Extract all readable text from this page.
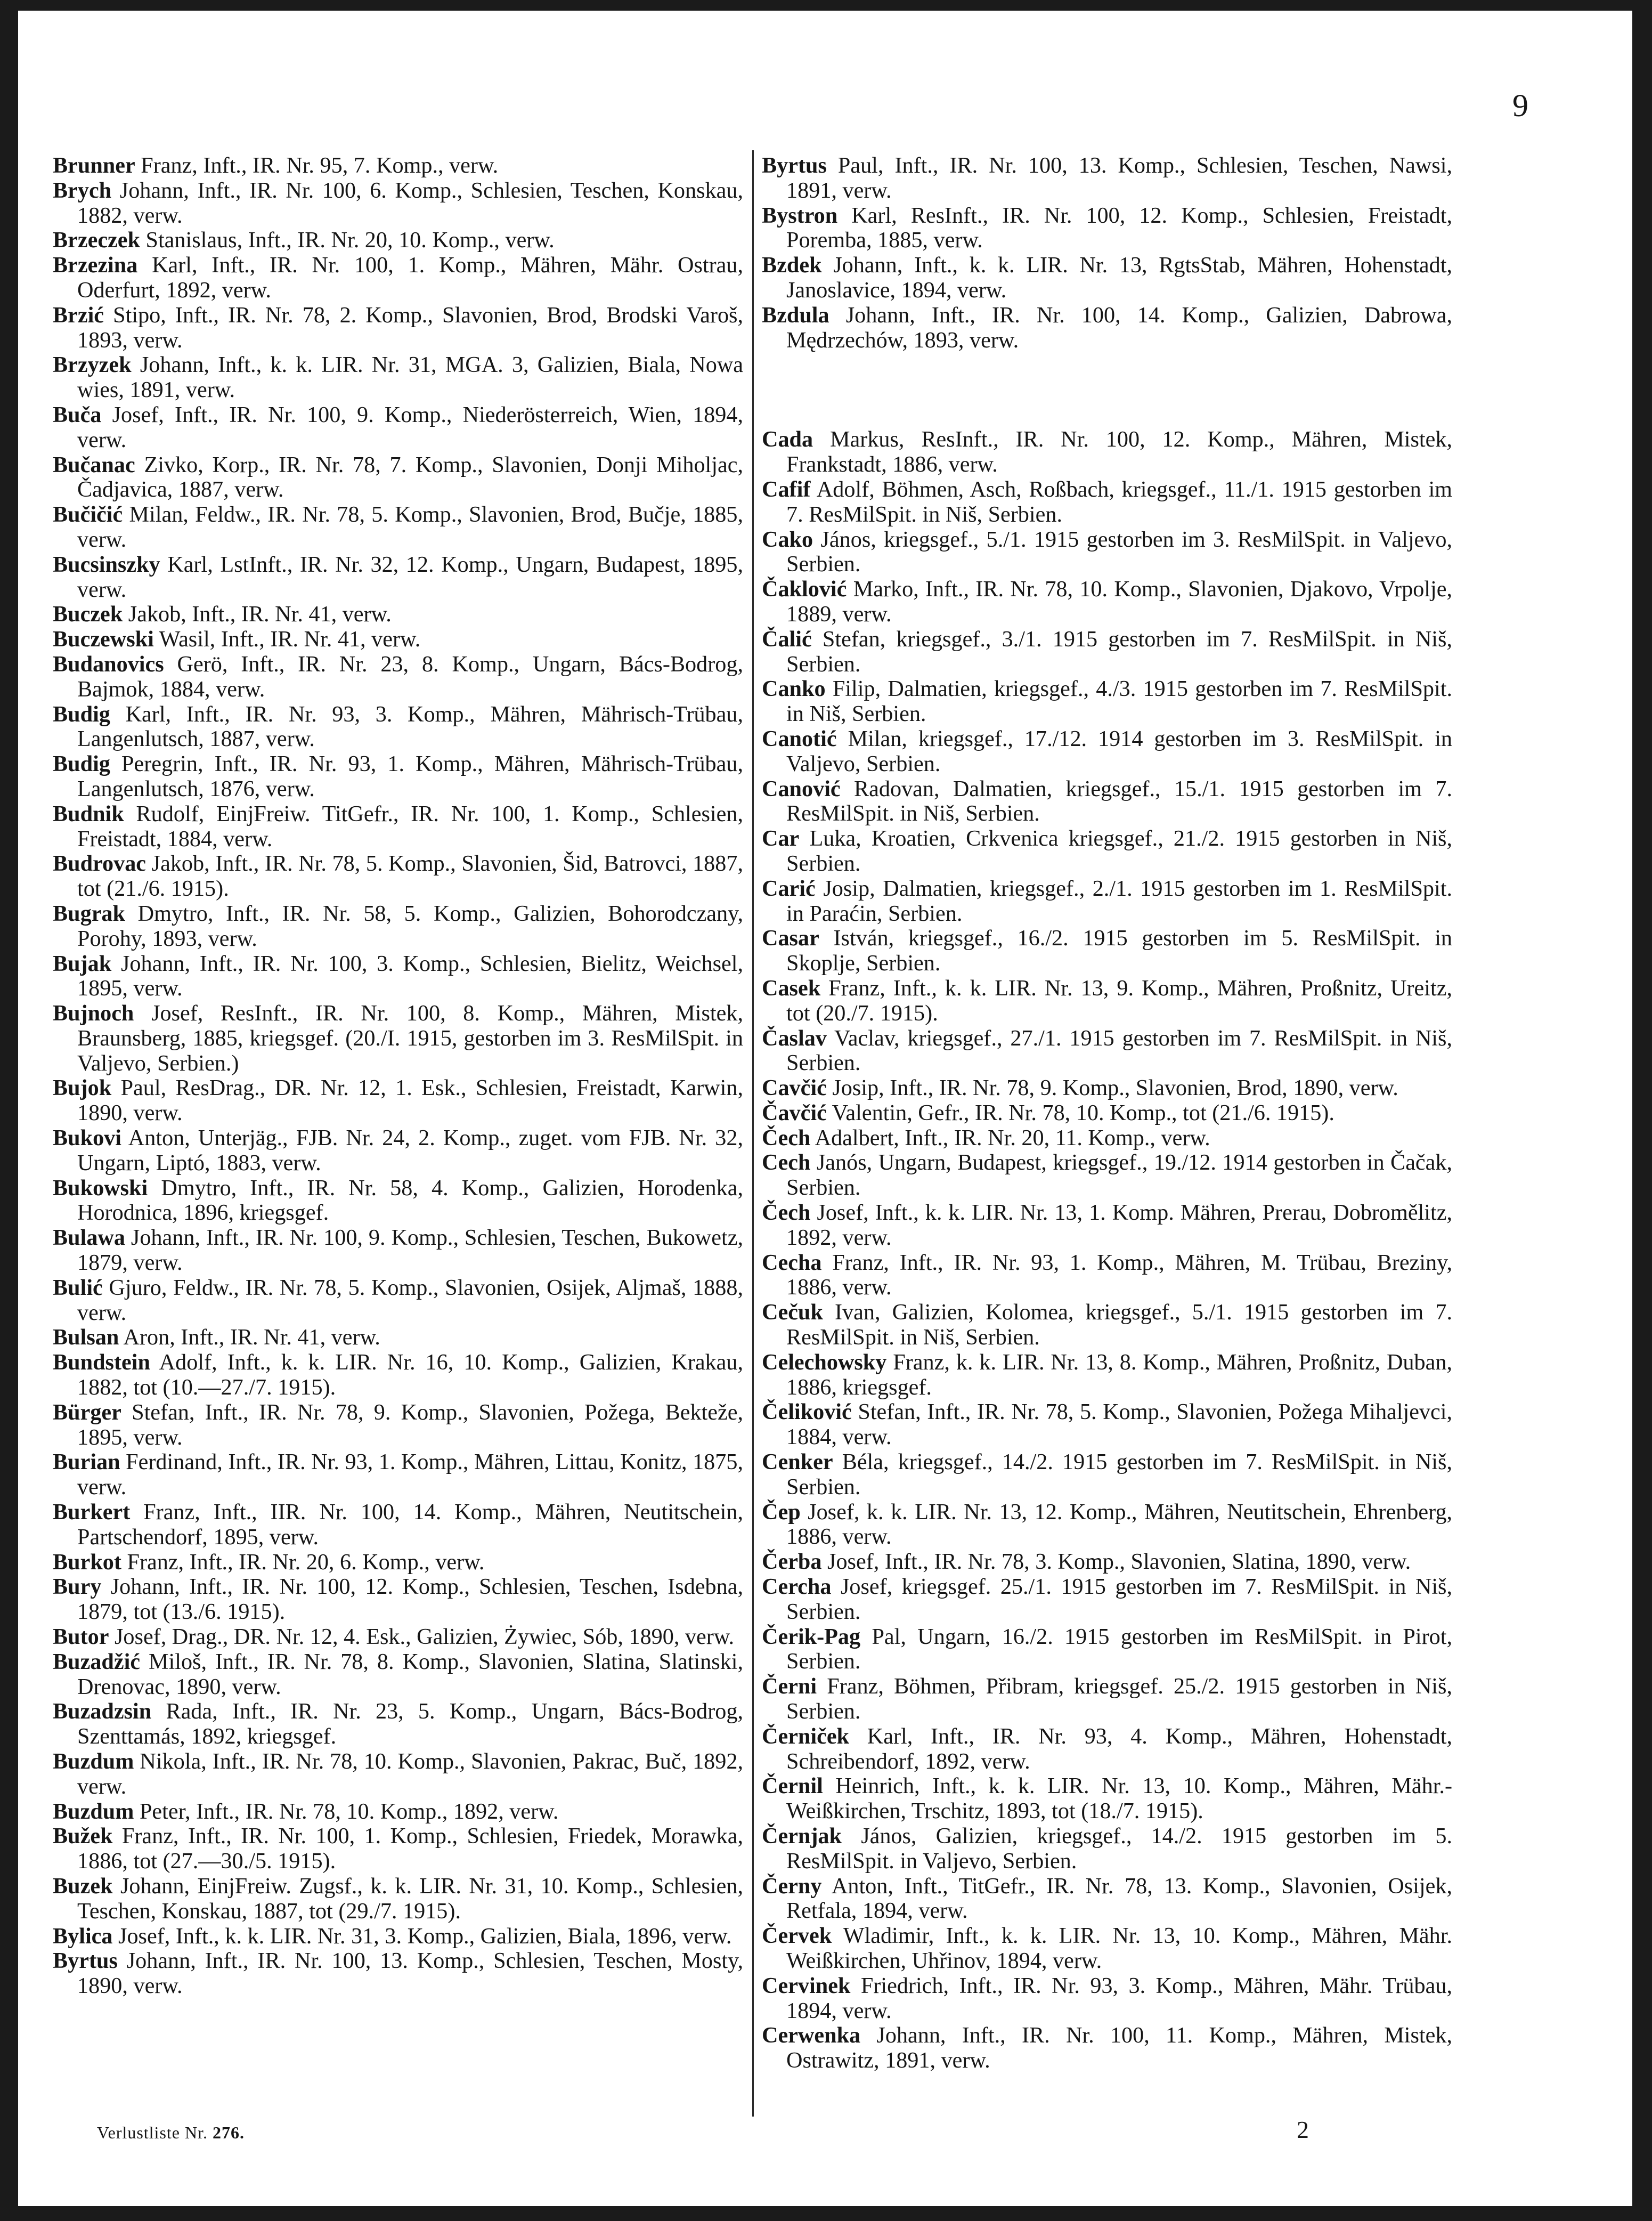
9

Brunner Franz, Inft., IR. Nr. 95, 7. Komp., verw.

Brych Johann, Inft., IR. Nr. 100, 6. Komp., Schlesien, Teschen, Konskau, 1882, verw.

Brzeczek Stanislaus, Inft., IR. Nr. 20, 10. Komp., verw.

Brzezina Karl, Inft., IR. Nr. 100, 1. Komp., Mähren, Mähr. Ostrau, Oderfurt, 1892, verw.

Brzić Stipo, Inft., IR. Nr. 78, 2. Komp., Slavonien, Brod, Brodski Varoš, 1893, verw.

Brzyzek Johann, Inft., k. k. LIR. Nr. 31, MGA. 3, Galizien, Biala, Nowa wies, 1891, verw.

Buča Josef, Inft., IR. Nr. 100, 9. Komp., Niederösterreich, Wien, 1894, verw.

Bučanac Zivko, Korp., IR. Nr. 78, 7. Komp., Slavonien, Donji Miholjac, Čadjavica, 1887, verw.

Bučičić Milan, Feldw., IR. Nr. 78, 5. Komp., Slavonien, Brod, Bučje, 1885, verw.

Bucsinszky Karl, LstInft., IR. Nr. 32, 12. Komp., Ungarn, Budapest, 1895, verw.

Buczek Jakob, Inft., IR. Nr. 41, verw.

Buczewski Wasil, Inft., IR. Nr. 41, verw.

Budanovics Gerö, Inft., IR. Nr. 23, 8. Komp., Ungarn, Bács-Bodrog, Bajmok, 1884, verw.

Budig Karl, Inft., IR. Nr. 93, 3. Komp., Mähren, Mährisch-Trübau, Langenlutsch, 1887, verw.

Budig Peregrin, Inft., IR. Nr. 93, 1. Komp., Mähren, Mährisch-Trübau, Langenlutsch, 1876, verw.

Budnik Rudolf, EinjFreiw. TitGefr., IR. Nr. 100, 1. Komp., Schlesien, Freistadt, 1884, verw.

Budrovac Jakob, Inft., IR. Nr. 78, 5. Komp., Slavonien, Šid, Batrovci, 1887, tot (21./6. 1915).

Bugrak Dmytro, Inft., IR. Nr. 58, 5. Komp., Galizien, Bohorodczany, Porohy, 1893, verw.

Bujak Johann, Inft., IR. Nr. 100, 3. Komp., Schlesien, Bielitz, Weichsel, 1895, verw.

Bujnoch Josef, ResInft., IR. Nr. 100, 8. Komp., Mähren, Mistek, Braunsberg, 1885, kriegsgef. (20./I. 1915, gestorben im 3. ResMilSpit. in Valjevo, Serbien.)

Bujok Paul, ResDrag., DR. Nr. 12, 1. Esk., Schlesien, Freistadt, Karwin, 1890, verw.

Bukovi Anton, Unterjäg., FJB. Nr. 24, 2. Komp., zuget. vom FJB. Nr. 32, Ungarn, Liptó, 1883, verw.

Bukowski Dmytro, Inft., IR. Nr. 58, 4. Komp., Galizien, Horodenka, Horodnica, 1896, kriegsgef.

Bulawa Johann, Inft., IR. Nr. 100, 9. Komp., Schlesien, Teschen, Bukowetz, 1879, verw.

Bulić Gjuro, Feldw., IR. Nr. 78, 5. Komp., Slavonien, Osijek, Aljmaš, 1888, verw.

Bulsan Aron, Inft., IR. Nr. 41, verw.

Bundstein Adolf, Inft., k. k. LIR. Nr. 16, 10. Komp., Galizien, Krakau, 1882, tot (10.—27./7. 1915).

Bürger Stefan, Inft., IR. Nr. 78, 9. Komp., Slavonien, Požega, Bekteže, 1895, verw.

Burian Ferdinand, Inft., IR. Nr. 93, 1. Komp., Mähren, Littau, Konitz, 1875, verw.

Burkert Franz, Inft., IIR. Nr. 100, 14. Komp., Mähren, Neutitschein, Partschendorf, 1895, verw.

Burkot Franz, Inft., IR. Nr. 20, 6. Komp., verw.

Bury Johann, Inft., IR. Nr. 100, 12. Komp., Schlesien, Teschen, Isdebna, 1879, tot (13./6. 1915).

Butor Josef, Drag., DR. Nr. 12, 4. Esk., Galizien, Żywiec, Sób, 1890, verw.

Buzadžić Miloš, Inft., IR. Nr. 78, 8. Komp., Slavonien, Slatina, Slatinski, Drenovac, 1890, verw.

Buzadzsin Rada, Inft., IR. Nr. 23, 5. Komp., Ungarn, Bács-Bodrog, Szenttamás, 1892, kriegsgef.

Buzdum Nikola, Inft., IR. Nr. 78, 10. Komp., Slavonien, Pakrac, Buč, 1892, verw.

Buzdum Peter, Inft., IR. Nr. 78, 10. Komp., 1892, verw.

Bužek Franz, Inft., IR. Nr. 100, 1. Komp., Schlesien, Friedek, Morawka, 1886, tot (27.—30./5. 1915).

Buzek Johann, EinjFreiw. Zugsf., k. k. LIR. Nr. 31, 10. Komp., Schlesien, Teschen, Konskau, 1887, tot (29./7. 1915).

Bylica Josef, Inft., k. k. LIR. Nr. 31, 3. Komp., Galizien, Biala, 1896, verw.

Byrtus Johann, Inft., IR. Nr. 100, 13. Komp., Schlesien, Teschen, Mosty, 1890, verw.

Byrtus Paul, Inft., IR. Nr. 100, 13. Komp., Schlesien, Teschen, Nawsi, 1891, verw.

Bystron Karl, ResInft., IR. Nr. 100, 12. Komp., Schlesien, Freistadt, Poremba, 1885, verw.

Bzdek Johann, Inft., k. k. LIR. Nr. 13, RgtsStab, Mähren, Hohenstadt, Janoslavice, 1894, verw.

Bzdula Johann, Inft., IR. Nr. 100, 14. Komp., Galizien, Dabrowa, Mędrzechów, 1893, verw.

Cada Markus, ResInft., IR. Nr. 100, 12. Komp., Mähren, Mistek, Frankstadt, 1886, verw.

Cafif Adolf, Böhmen, Asch, Roßbach, kriegsgef., 11./1. 1915 gestorben im 7. ResMilSpit. in Niš, Serbien.

Cako János, kriegsgef., 5./1. 1915 gestorben im 3. ResMilSpit. in Valjevo, Serbien.

Čaklović Marko, Inft., IR. Nr. 78, 10. Komp., Slavonien, Djakovo, Vrpolje, 1889, verw.

Čalić Stefan, kriegsgef., 3./1. 1915 gestorben im 7. ResMilSpit. in Niš, Serbien.

Canko Filip, Dalmatien, kriegsgef., 4./3. 1915 gestorben im 7. ResMilSpit. in Niš, Serbien.

Canotić Milan, kriegsgef., 17./12. 1914 gestorben im 3. ResMilSpit. in Valjevo, Serbien.

Canović Radovan, Dalmatien, kriegsgef., 15./1. 1915 gestorben im 7. ResMilSpit. in Niš, Serbien.

Car Luka, Kroatien, Crkvenica kriegsgef., 21./2. 1915 gestorben in Niš, Serbien.

Carić Josip, Dalmatien, kriegsgef., 2./1. 1915 gestorben im 1. ResMilSpit. in Paraćin, Serbien.

Casar István, kriegsgef., 16./2. 1915 gestorben im 5. ResMilSpit. in Skoplje, Serbien.

Casek Franz, Inft., k. k. LIR. Nr. 13, 9. Komp., Mähren, Proßnitz, Ureitz, tot (20./7. 1915).

Časlav Vaclav, kriegsgef., 27./1. 1915 gestorben im 7. ResMilSpit. in Niš, Serbien.

Cavčić Josip, Inft., IR. Nr. 78, 9. Komp., Slavonien, Brod, 1890, verw.

Čavčić Valentin, Gefr., IR. Nr. 78, 10. Komp., tot (21./6. 1915).

Čech Adalbert, Inft., IR. Nr. 20, 11. Komp., verw.

Cech Janós, Ungarn, Budapest, kriegsgef., 19./12. 1914 gestorben in Čačak, Serbien.

Čech Josef, Inft., k. k. LIR. Nr. 13, 1. Komp. Mähren, Prerau, Dobromělitz, 1892, verw.

Cecha Franz, Inft., IR. Nr. 93, 1. Komp., Mähren, M. Trübau, Breziny, 1886, verw.

Cečuk Ivan, Galizien, Kolomea, kriegsgef., 5./1. 1915 gestorben im 7. ResMilSpit. in Niš, Serbien.

Celechowsky Franz, k. k. LIR. Nr. 13, 8. Komp., Mähren, Proßnitz, Duban, 1886, kriegsgef.

Čeliković Stefan, Inft., IR. Nr. 78, 5. Komp., Slavonien, Požega Mihaljevci, 1884, verw.

Cenker Béla, kriegsgef., 14./2. 1915 gestorben im 7. ResMilSpit. in Niš, Serbien.

Čep Josef, k. k. LIR. Nr. 13, 12. Komp., Mähren, Neutitschein, Ehrenberg, 1886, verw.

Čerba Josef, Inft., IR. Nr. 78, 3. Komp., Slavonien, Slatina, 1890, verw.

Cercha Josef, kriegsgef. 25./1. 1915 gestorben im 7. ResMilSpit. in Niš, Serbien.

Čerik-Pag Pal, Ungarn, 16./2. 1915 gestorben im ResMilSpit. in Pirot, Serbien.

Černi Franz, Böhmen, Přibram, kriegsgef. 25./2. 1915 gestorben in Niš, Serbien.

Černiček Karl, Inft., IR. Nr. 93, 4. Komp., Mähren, Hohenstadt, Schreibendorf, 1892, verw.

Černil Heinrich, Inft., k. k. LIR. Nr. 13, 10. Komp., Mähren, Mähr.-Weißkirchen, Trschitz, 1893, tot (18./7. 1915).

Černjak János, Galizien, kriegsgef., 14./2. 1915 gestorben im 5. ResMilSpit. in Valjevo, Serbien.

Černy Anton, Inft., TitGefr., IR. Nr. 78, 13. Komp., Slavonien, Osijek, Retfala, 1894, verw.

Červek Wladimir, Inft., k. k. LIR. Nr. 13, 10. Komp., Mähren, Mähr. Weißkirchen, Uhřinov, 1894, verw.

Cervinek Friedrich, Inft., IR. Nr. 93, 3. Komp., Mähren, Mähr. Trübau, 1894, verw.

Cerwenka Johann, Inft., IR. Nr. 100, 11. Komp., Mähren, Mistek, Ostrawitz, 1891, verw.

Verlustliste Nr. 276.	2
